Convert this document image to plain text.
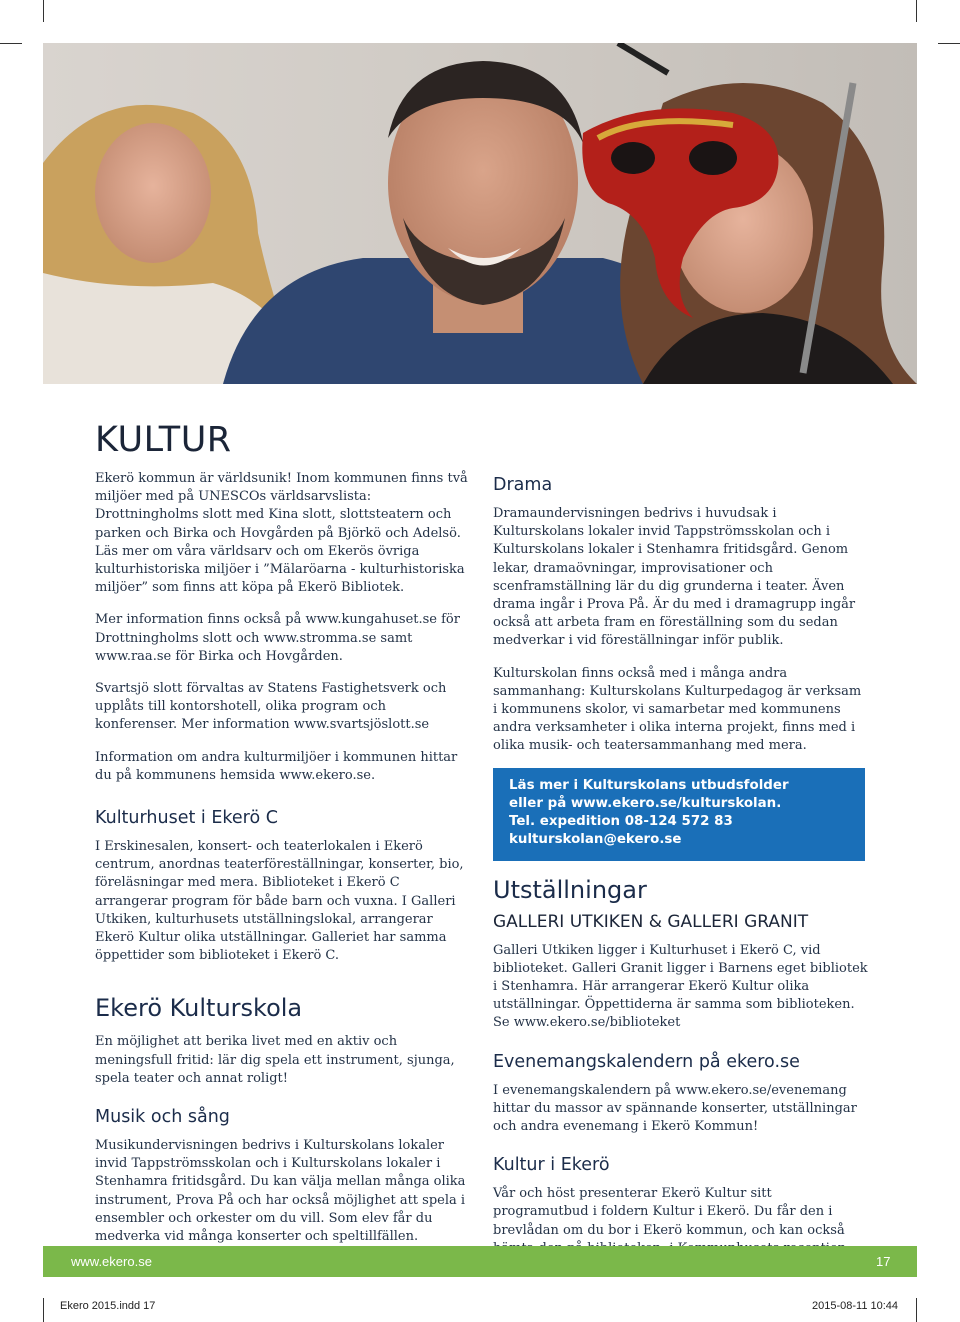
KULTUR

Ekerö kommun är världsunik! Inom kommunen finns två miljöer med på UNESCOs världsarvslista: Drottningholms slott med Kina slott, slottsteatern och parken och Birka och Hovgården på Björkö och Adelsö. Läs mer om våra världsarv och om Ekerös övriga kulturhistoriska miljöer i ”Mälaröarna - kulturhistoriska miljöer” som finns att köpa på Ekerö Bibliotek.

Mer information finns också på www.kungahuset.se för Drottningholms slott och www.stromma.se samt www.raa.se för Birka och Hovgården.

Svartsjö slott förvaltas av Statens Fastighetsverk och upplåts till kontorshotell, olika program och konferenser. Mer information www.svartsjöslott.se

Information om andra kulturmiljöer i kommunen hittar du på kommunens hemsida www.ekero.se.

Kulturhuset i Ekerö C

I Erskinesalen, konsert- och teaterlokalen i Ekerö centrum, anordnas teaterföreställningar, konserter, bio, föreläsningar med mera. Biblioteket i Ekerö C arrangerar program för både barn och vuxna. I Galleri Utkiken, kulturhusets utställningslokal, arrangerar Ekerö Kultur olika utställningar. Galleriet har samma öppettider som biblioteket i Ekerö C.

Ekerö Kulturskola

En möjlighet att berika livet med en aktiv och meningsfull fritid: lär dig spela ett instrument, sjunga, spela teater och annat roligt!

Musik och sång

Musikundervisningen bedrivs i Kulturskolans lokaler invid Tappströmsskolan och i Kulturskolans lokaler i Stenhamra fritidsgård. Du kan välja mellan många olika instrument, Prova På och har också möjlighet att spela i ensembler och orkester om du vill. Som elev får du medverka vid många konserter och speltillfällen.

Drama

Dramaundervisningen bedrivs i huvudsak i Kulturskolans lokaler invid Tappströmsskolan och i Kulturskolans lokaler i Stenhamra fritidsgård. Genom lekar, dramaövningar, improvisationer och scenframställning lär du dig grunderna i teater. Även drama ingår i Prova På. Är du med i dramagrupp ingår också att arbeta fram en föreställning som du sedan medverkar i vid föreställningar inför publik.

Kulturskolan finns också med i många andra sammanhang: Kulturskolans Kulturpedagog är verksam i kommunens skolor, vi samarbetar med kommunens andra verksamheter i olika interna projekt, finns med i olika musik- och teatersammanhang med mera.

Läs mer i Kulturskolans utbudsfolder
eller på www.ekero.se/kulturskolan.
Tel. expedition 08-124 572 83
kulturskolan@ekero.se
Utställningar
GALLERI UTKIKEN & GALLERI GRANIT

Galleri Utkiken ligger i Kulturhuset i Ekerö C, vid biblioteket. Galleri Granit ligger i Barnens eget bibliotek i Stenhamra. Här arrangerar Ekerö Kultur olika utställningar. Öppettiderna är samma som biblioteken.

Se www.ekero.se/biblioteket

Evenemangskalendern på ekero.se

I evenemangskalendern på www.ekero.se/evenemang hittar du massor av spännande konserter, utställningar och andra evenemang i Ekerö Kommun!

Kultur i Ekerö

Vår och höst presenterar Ekerö Kultur sitt programutbud i foldern Kultur i Ekerö. Du får den i brevlådan om du bor i Ekerö kommun, och kan också

www.ekero.se	17
Ekero 2015.indd 17	2015-08-11 10:44
